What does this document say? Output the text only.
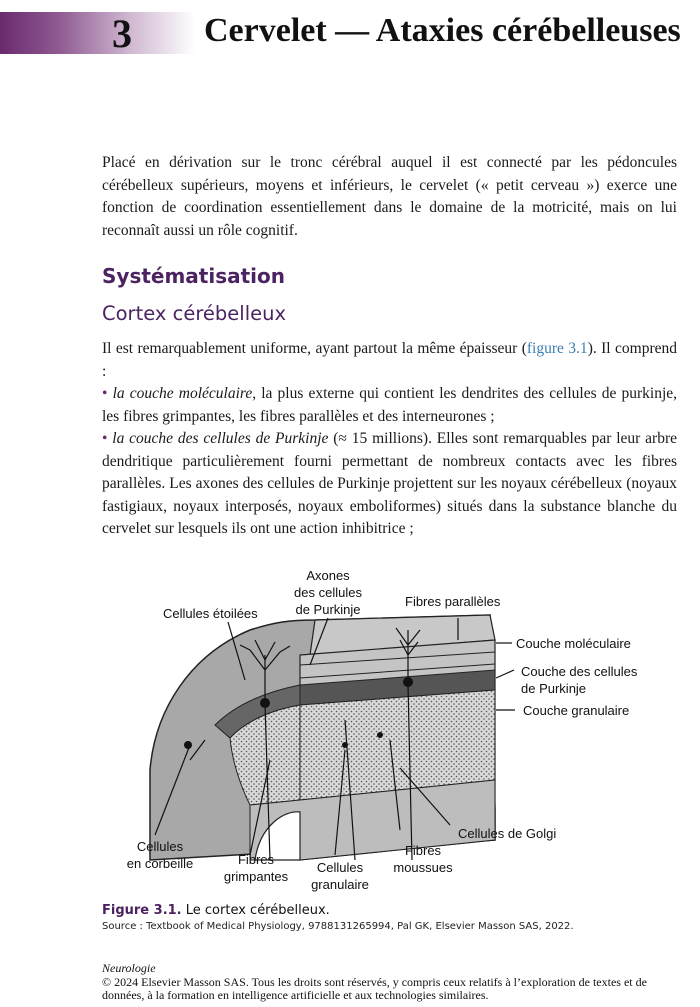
3 Cervelet — Ataxies cérébelleuses

Placé en dérivation sur le tronc cérébral auquel il est connecté par les pédoncules cérébelleux supérieurs, moyens et inférieurs, le cervelet (« petit cerveau ») exerce une fonction de coordination essentiellement dans le domaine de la motricité, mais on lui reconnaît aussi un rôle cognitif.

Systématisation
Cortex cérébelleux
Il est remarquablement uniforme, ayant partout la même épaisseur (figure 3.1). Il comprend :
• la couche moléculaire, la plus externe qui contient les dendrites des cellules de purkinje, les fibres grimpantes, les fibres parallèles et des interneurones ;
• la couche des cellules de Purkinje (≈ 15 millions). Elles sont remarquables par leur arbre dendritique particulièrement fourni permettant de nombreux contacts avec les fibres parallèles. Les axones des cellules de Purkinje projettent sur les noyaux cérébelleux (noyaux fastigiaux, noyaux interposés, noyaux emboliformes) situés dans la substance blanche du cervelet sur lesquels ils ont une action inhibitrice ;
Axones
des cellules
de Purkinje
Cellules étoilées
Fibres parallèles
Couche moléculaire
Couche des cellules
de Purkinje
Couche granulaire
Cellules de Golgi
Cellules
en corbeille	Fibres
grimpantes
Cellules
granulaire
Fibres
moussues
Figure 3.1. Le cortex cérébelleux.
Source : Textbook of Medical Physiology, 9788131265994, Pal GK, Elsevier Masson SAS, 2022.
Neurologie
© 2024 Elsevier Masson SAS. Tous les droits sont réservés, y compris ceux relatifs à l’exploration de textes et de données, à la formation en intelligence artificielle et aux technologies similaires.
